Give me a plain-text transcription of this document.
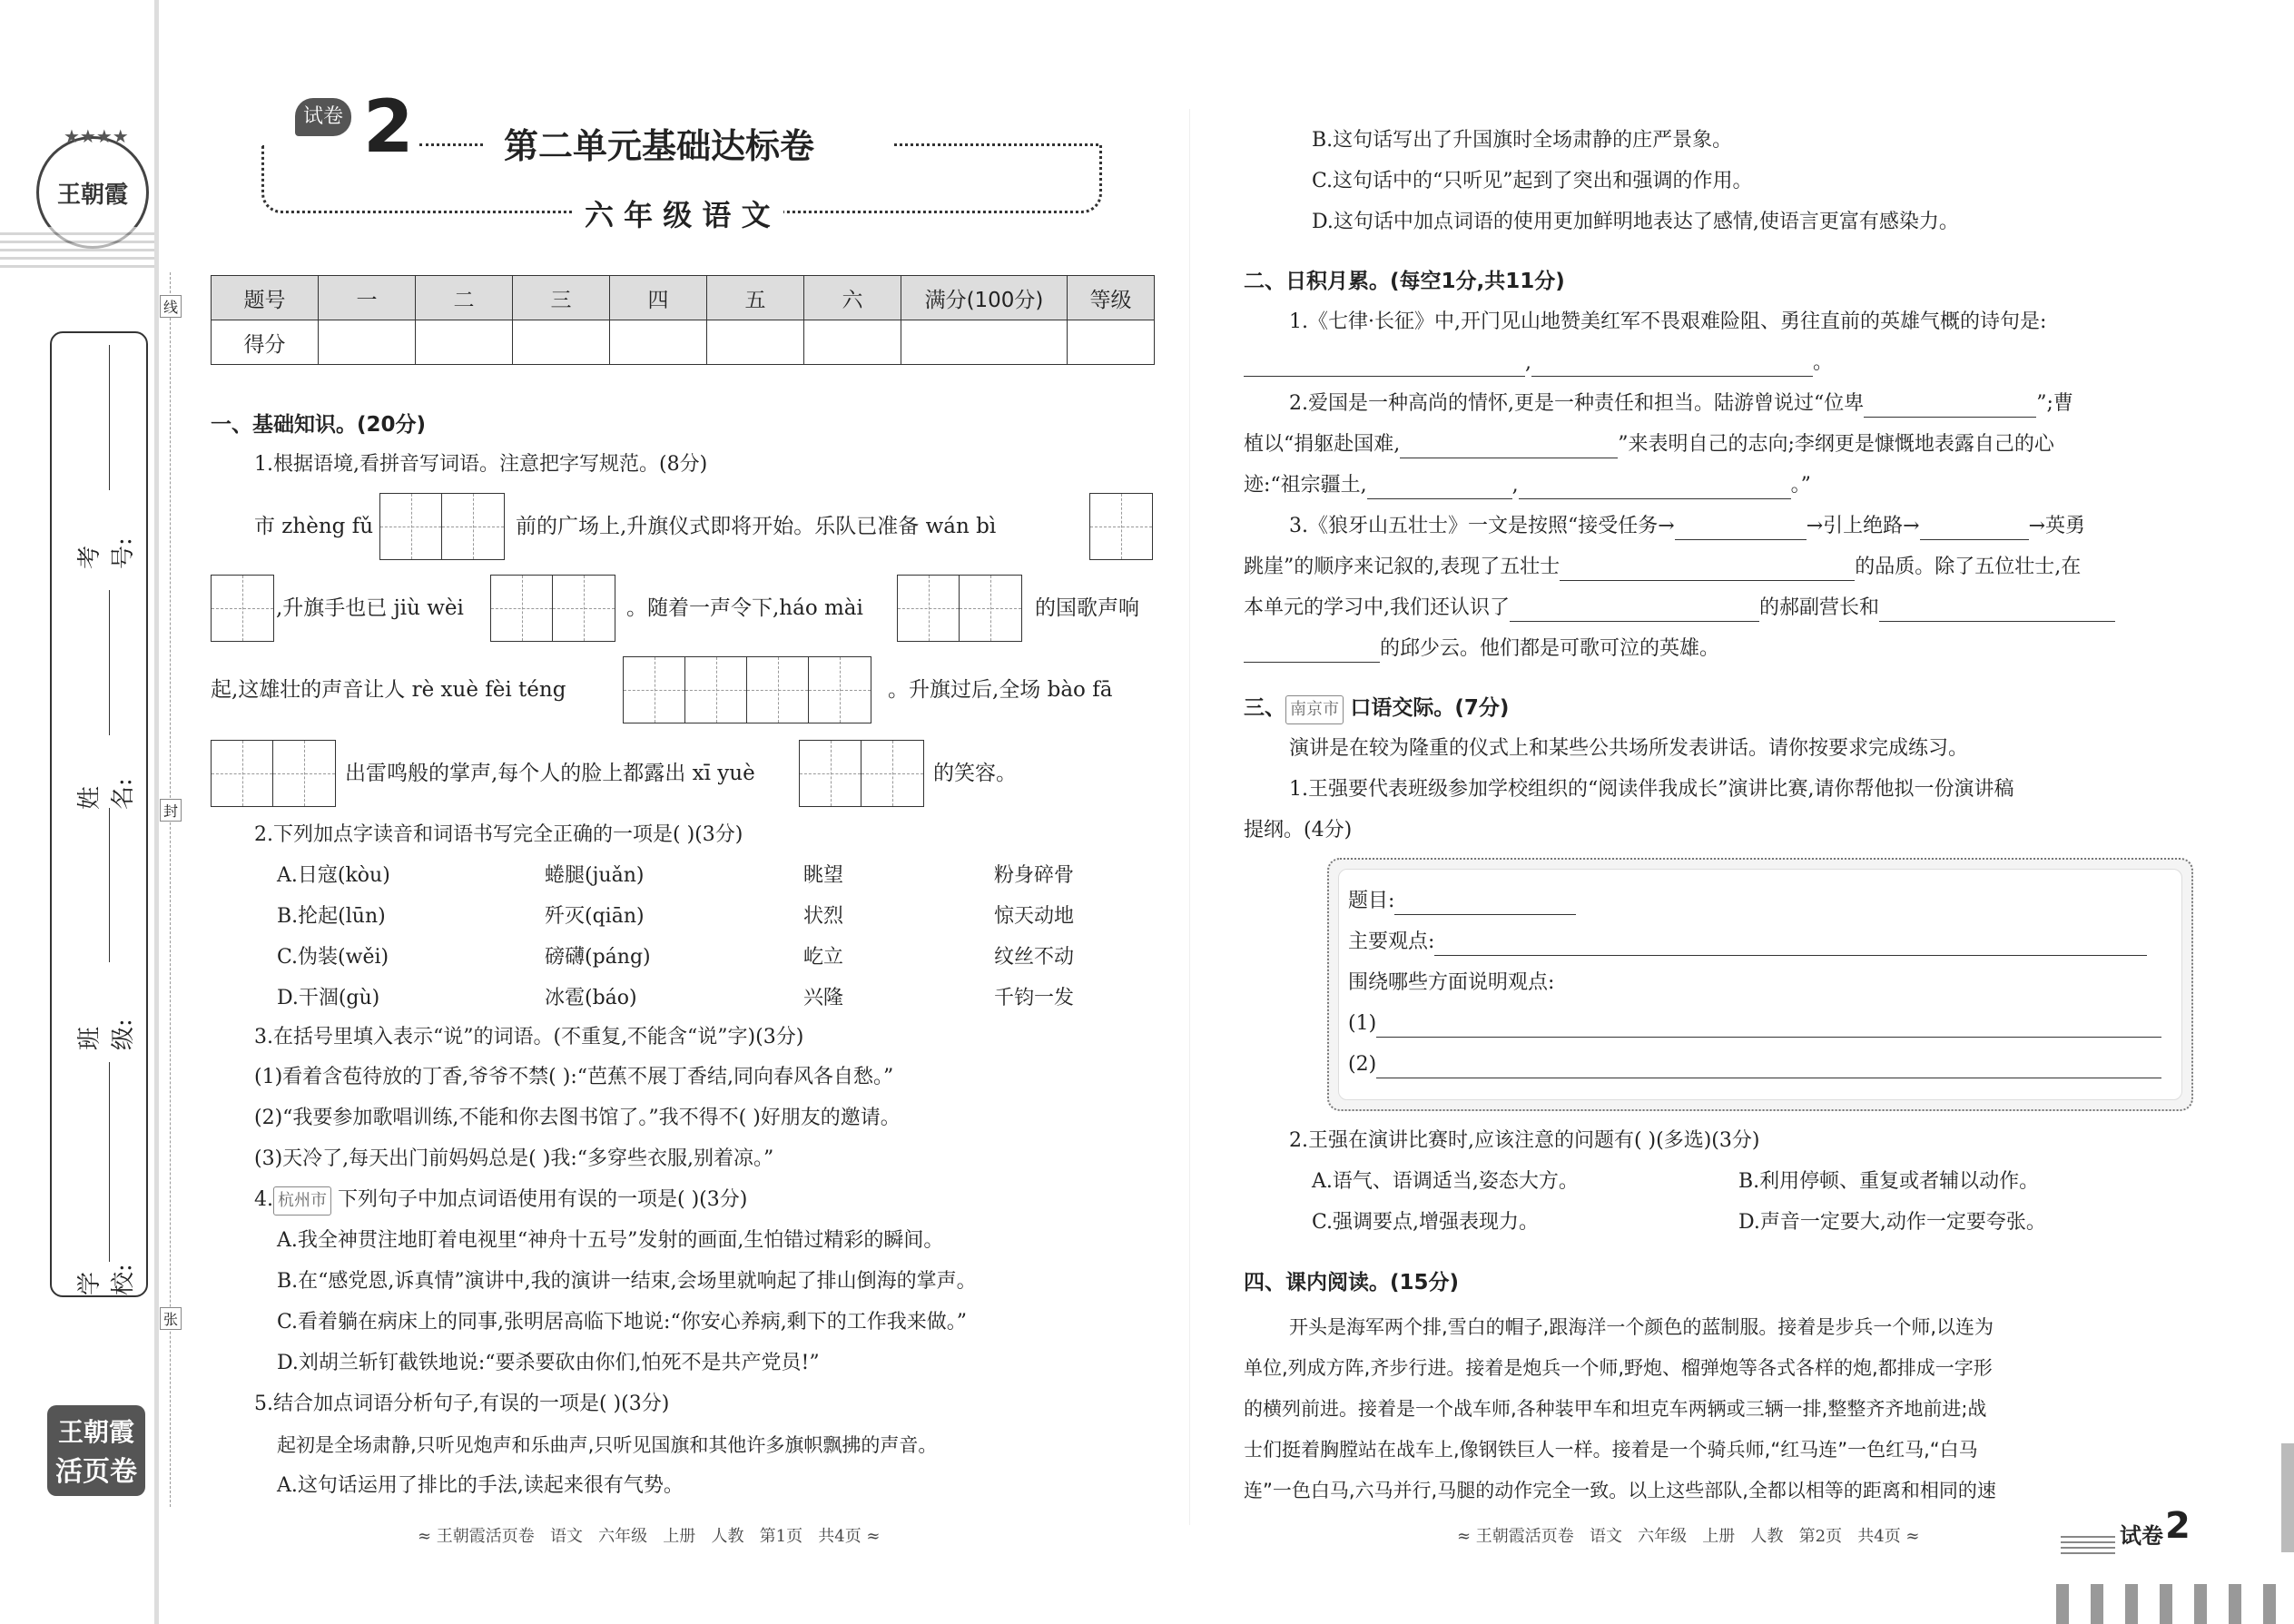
王朝霞
★★★★
学校:
班级:
姓名:
考号:
线
封
张
王朝霞
活页卷
试卷 2	第二单元基础达标卷
六 年 级 语 文
题号	一	二	三	四	五	六	满分(100分)	等级
得分								
一、基础知识。(20分)
1.根据语境,看拼音写词语。注意把字写规范。(8分)
市 zhèng fǔ	前的广场上,升旗仪式即将开始。乐队已准备 wán bì
,升旗手也已 jiù wèi	。随着一声令下,háo mài	的国歌声响
起,这雄壮的声音让人 rè xuè fèi téng	。升旗过后,全场 bào fā
出雷鸣般的掌声,每个人的脸上都露出 xī yuè	的笑容。
2.下列加点字读音和词语书写完全正确的一项是( )(3分)
A.日寇(kòu)	蜷腿(juǎn)	眺望	粉身碎骨
B.抡起(lūn)	歼灭(qiān)	状烈	惊天动地
C.伪装(wěi)	磅礴(páng)	屹立	纹丝不动
D.干涸(gù)	冰雹(báo)	兴隆	千钧一发
3.在括号里填入表示“说”的词语。(不重复,不能含“说”字)(3分)
(1)看着含苞待放的丁香,爷爷不禁( ):“芭蕉不展丁香结,同向春风各自愁。”
(2)“我要参加歌唱训练,不能和你去图书馆了。”我不得不( )好朋友的邀请。
(3)天冷了,每天出门前妈妈总是( )我:“多穿些衣服,别着凉。”
4. 杭州市 下列句子中加点词语使用有误的一项是( )(3分)
A.我全神贯注地盯着电视里“神舟十五号”发射的画面,生怕错过精彩的瞬间。
B.在“感党恩,诉真情”演讲中,我的演讲一结束,会场里就响起了排山倒海的掌声。
C.看着躺在病床上的同事,张明居高临下地说:“你安心养病,剩下的工作我来做。”
D.刘胡兰斩钉截铁地说:“要杀要砍由你们,怕死不是共产党员!”
5.结合加点词语分析句子,有误的一项是( )(3分)
起初是全场肃静,只听见炮声和乐曲声,只听见国旗和其他许多旗帜飘拂的声音。
A.这句话运用了排比的手法,读起来很有气势。
≈ 王朝霞活页卷   语文   六年级   上册   人教   第1页   共4页 ≈
B.这句话写出了升国旗时全场肃静的庄严景象。
C.这句话中的“只听见”起到了突出和强调的作用。
D.这句话中加点词语的使用更加鲜明地表达了感情,使语言更富有感染力。
二、日积月累。(每空1分,共11分)
1.《七律·长征》中,开门见山地赞美红军不畏艰难险阻、勇往直前的英雄气概的诗句是:
,	。
2.爱国是一种高尚的情怀,更是一种责任和担当。陆游曾说过“位卑	”;曹
植以“捐躯赴国难,	”来表明自己的志向;李纲更是慷慨地表露自己的心
迹:“祖宗疆土,	,	。”
3.《狼牙山五壮士》一文是按照“接受任务→	→引上绝路→	→英勇
跳崖”的顺序来记叙的,表现了五壮士	的品质。除了五位壮士,在
本单元的学习中,我们还认识了	的郝副营长和
的邱少云。他们都是可歌可泣的英雄。
三、 南京市 口语交际。(7分)
演讲是在较为隆重的仪式上和某些公共场所发表讲话。请你按要求完成练习。
1.王强要代表班级参加学校组织的“阅读伴我成长”演讲比赛,请你帮他拟一份演讲稿
提纲。(4分)
题目:
主要观点:
围绕哪些方面说明观点:
(1)
(2)
2.王强在演讲比赛时,应该注意的问题有( )(多选)(3分)
A.语气、语调适当,姿态大方。	B.利用停顿、重复或者辅以动作。
C.强调要点,增强表现力。	D.声音一定要大,动作一定要夸张。
四、课内阅读。(15分)
开头是海军两个排,雪白的帽子,跟海洋一个颜色的蓝制服。接着是步兵一个师,以连为
单位,列成方阵,齐步行进。接着是炮兵一个师,野炮、榴弹炮等各式各样的炮,都排成一字形
的横列前进。接着是一个战车师,各种装甲车和坦克车两辆或三辆一排,整整齐齐地前进;战
士们挺着胸膛站在战车上,像钢铁巨人一样。接着是一个骑兵师,“红马连”一色红马,“白马
连”一色白马,六马并行,马腿的动作完全一致。以上这些部队,全都以相等的距离和相同的速
≈ 王朝霞活页卷   语文   六年级   上册   人教   第2页   共4页 ≈	试卷 2
